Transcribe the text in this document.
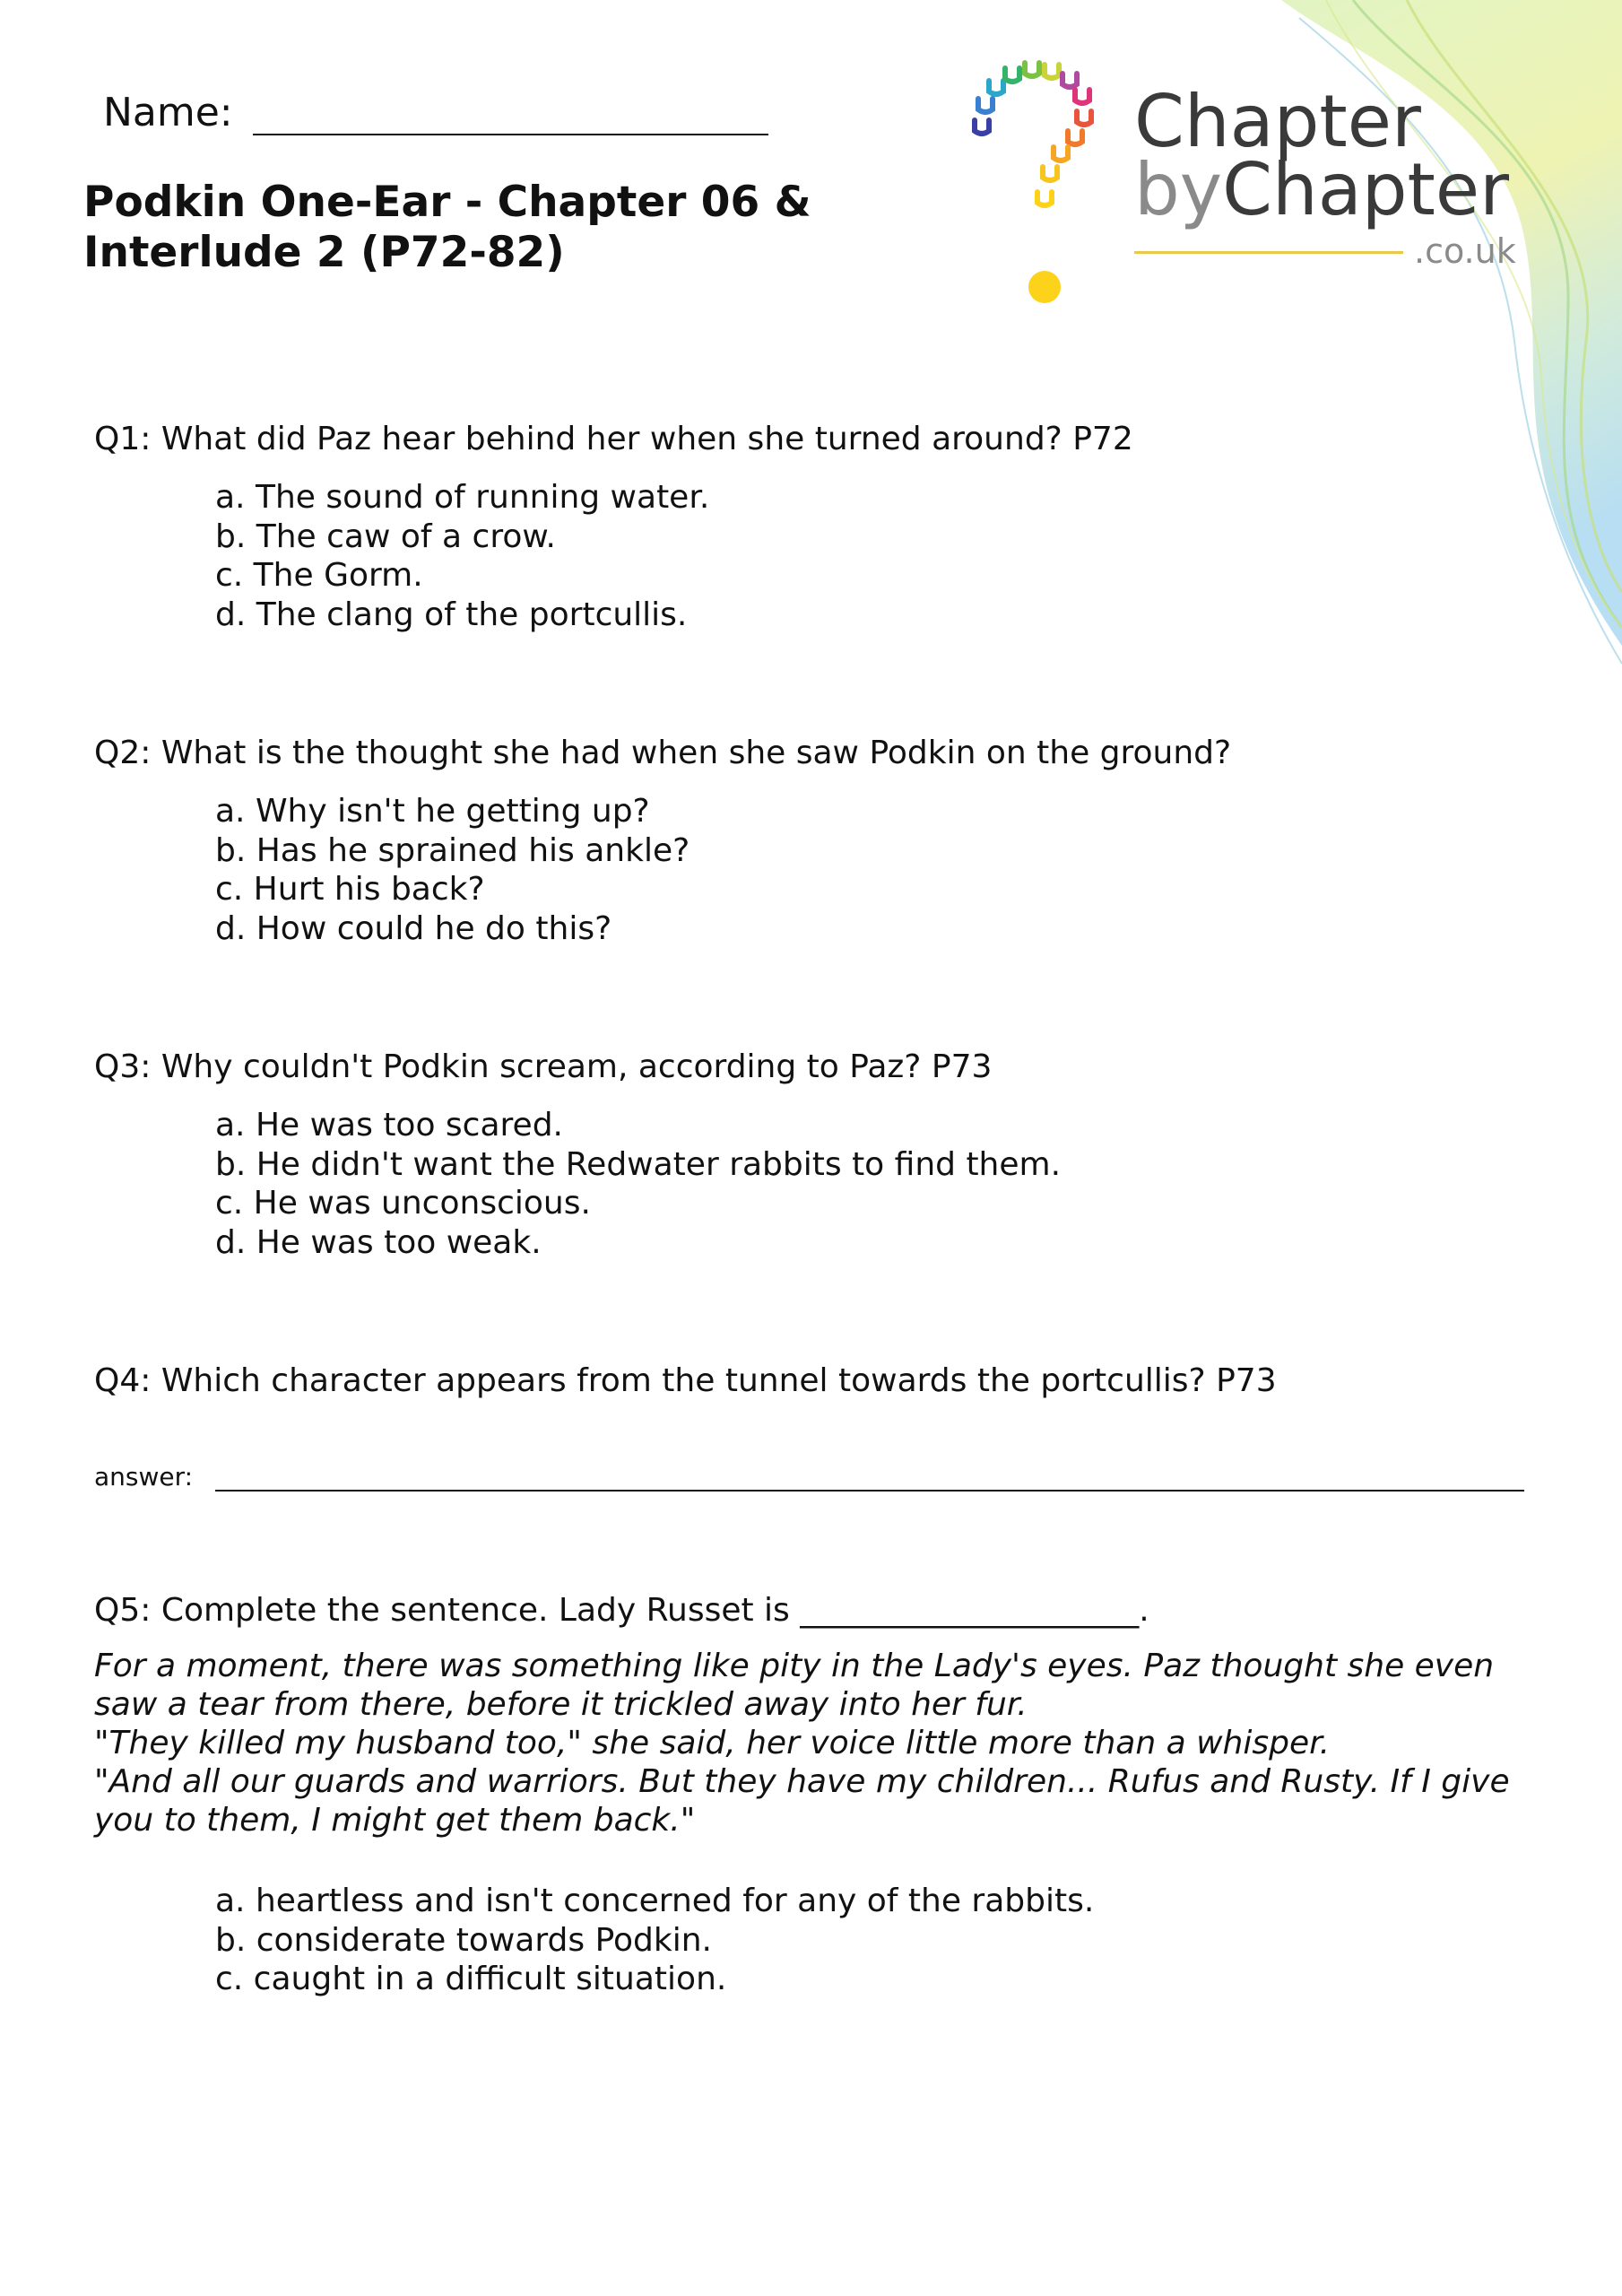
Name:
Podkin One-Ear - Chapter 06 &
Interlude 2 (P72-82)
Chapter
byChapter
.co.uk
Q1: What did Paz hear behind her when she turned around? P72
a. The sound of running water.
b. The caw of a crow.
c. The Gorm.
d. The clang of the portcullis.
Q2: What is the thought she had when she saw Podkin on the ground?
a. Why isn't he getting up?
b. Has he sprained his ankle?
c. Hurt his back?
d. How could he do this?
Q3: Why couldn't Podkin scream, according to Paz? P73
a. He was too scared.
b. He didn't want the Redwater rabbits to find them.
c. He was unconscious.
d. He was too weak.
Q4: Which character appears from the tunnel towards the portcullis? P73
answer:
Q5: Complete the sentence. Lady Russet is _____________________.
For a moment, there was something like pity in the Lady's eyes. Paz thought she even
saw a tear from there, before it trickled away into her fur.
"They killed my husband too," she said, her voice little more than a whisper.
"And all our guards and warriors. But they have my children... Rufus and Rusty. If I give
you to them, I might get them back."
a. heartless and isn't concerned for any of the rabbits.
b. considerate towards Podkin.
c. caught in a difficult situation.
